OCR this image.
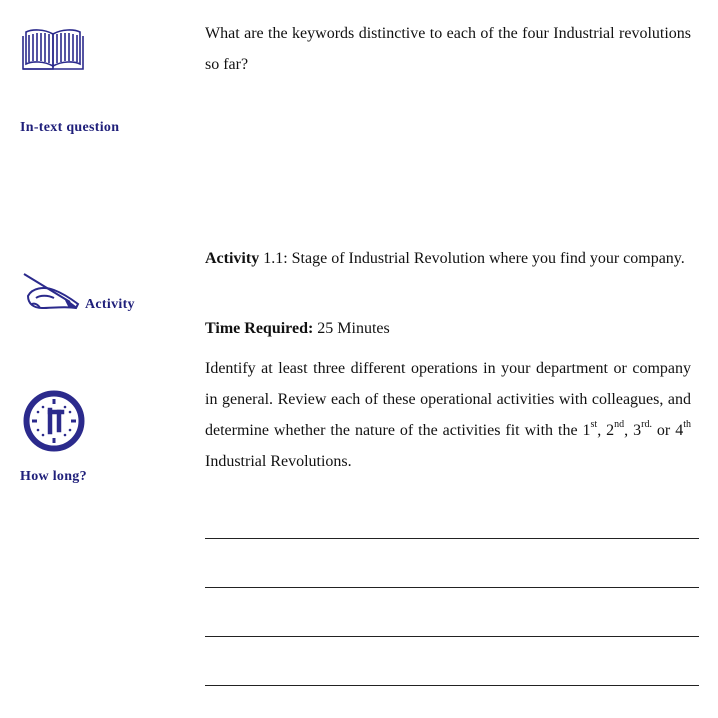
In-text question
Activity
How long?
What are the keywords distinctive to each of the four Industrial revolutions so far?
Activity 1.1: Stage of Industrial Revolution where you find your company.
Time Required: 25 Minutes
Identify at least three different operations in your department or company in general. Review each of these operational activities with colleagues, and determine whether the nature of the activities fit with the 1st, 2nd, $3^{rd.}$ or 4th Industrial Revolutions.
